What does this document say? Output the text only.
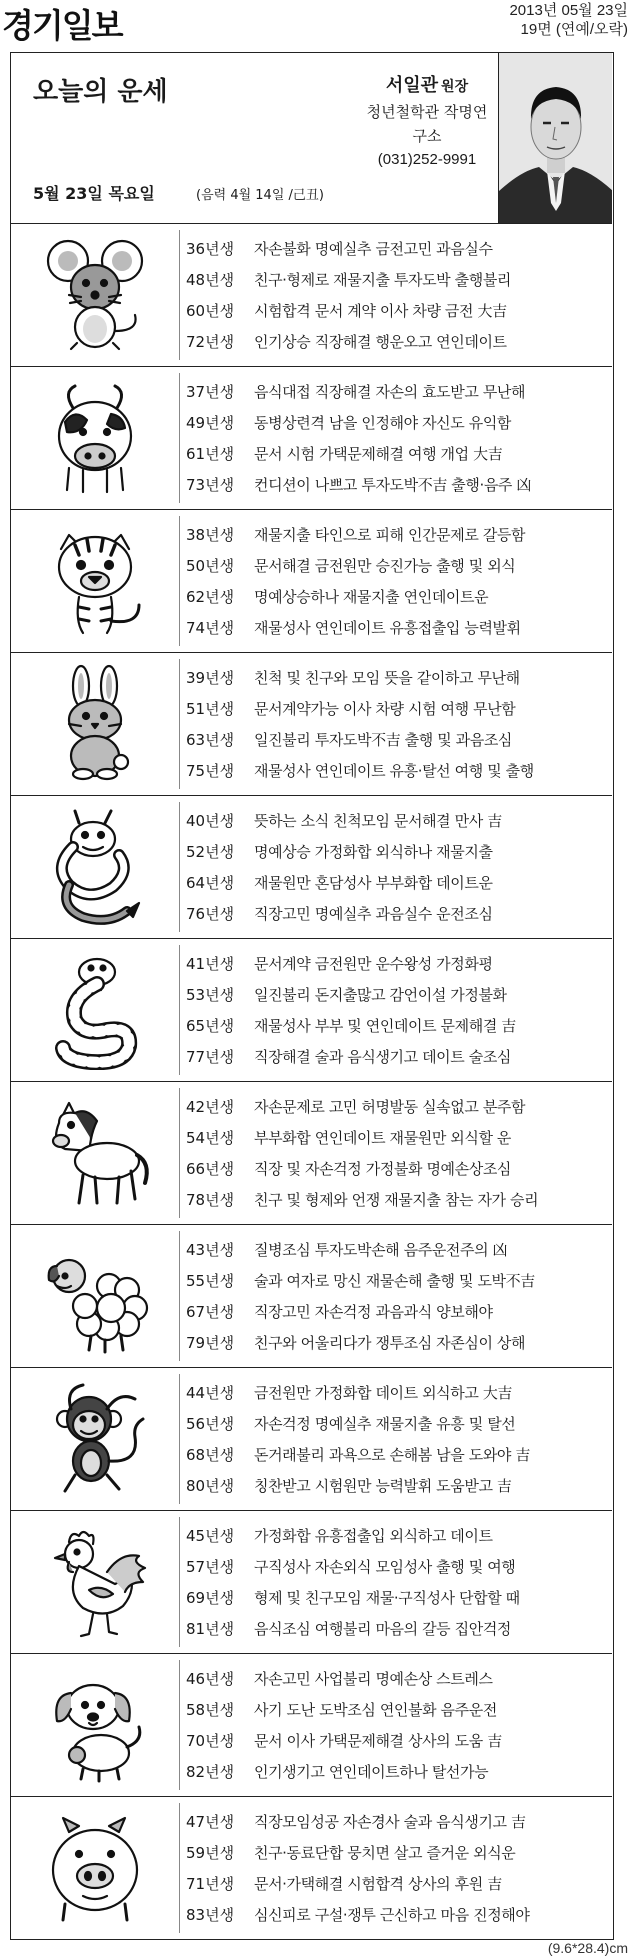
경기일보	2013년 05월 23일
19면 (연예/오락)
오늘의 운세	서일관 원장
청년철학관 작명연구소
(031)252-9991
5월 23일 목요일	(음력 4월 14일 /己丑)
36년생 자손불화 명예실추 금전고민 과음실수
48년생 친구·형제로 재물지출 투자도박 출행불리
60년생 시험합격 문서 계약 이사 차량 금전 大吉
72년생 인기상승 직장해결 행운오고 연인데이트
37년생 음식대접 직장해결 자손의 효도받고 무난해
49년생 동병상련격 남을 인정해야 자신도 유익함
61년생 문서 시험 가택문제해결 여행 개업 大吉
73년생 컨디션이 나쁘고 투자도박不吉 출행·음주 凶
38년생 재물지출 타인으로 피해 인간문제로 갈등함
50년생 문서해결 금전원만 승진가능 출행 및 외식
62년생 명예상승하나 재물지출 연인데이트운
74년생 재물성사 연인데이트 유흥접출입 능력발휘
39년생 친척 및 친구와 모임 뜻을 같이하고 무난해
51년생 문서계약가능 이사 차량 시험 여행 무난함
63년생 일진불리 투자도박不吉 출행 및 과음조심
75년생 재물성사 연인데이트 유흥·탈선 여행 및 출행
40년생 뜻하는 소식 친척모임 문서해결 만사 吉
52년생 명예상승 가정화합 외식하나 재물지출
64년생 재물원만 혼담성사 부부화합 데이트운
76년생 직장고민 명예실추 과음실수 운전조심
41년생 문서계약 금전원만 운수왕성 가정화평
53년생 일진불리 돈지출많고 감언이설 가정불화
65년생 재물성사 부부 및 연인데이트 문제해결 吉
77년생 직장해결 술과 음식생기고 데이트 술조심
42년생 자손문제로 고민 허명발동 실속없고 분주함
54년생 부부화합 연인데이트 재물원만 외식할 운
66년생 직장 및 자손걱정 가정불화 명예손상조심
78년생 친구 및 형제와 언쟁 재물지출 참는 자가 승리
43년생 질병조심 투자도박손해 음주운전주의 凶
55년생 술과 여자로 망신 재물손해 출행 및 도박不吉
67년생 직장고민 자손걱정 과음과식 양보해야
79년생 친구와 어울리다가 쟁투조심 자존심이 상해
44년생 금전원만 가정화합 데이트 외식하고 大吉
56년생 자손걱정 명예실추 재물지출 유흥 및 탈선
68년생 돈거래불리 과욕으로 손해봄 남을 도와야 吉
80년생 칭찬받고 시험원만 능력발휘 도움받고 吉
45년생 가정화합 유흥접출입 외식하고 데이트
57년생 구직성사 자손외식 모임성사 출행 및 여행
69년생 형제 및 친구모임 재물·구직성사 단합할 때
81년생 음식조심 여행불리 마음의 갈등 집안걱정
46년생 자손고민 사업불리 명예손상 스트레스
58년생 사기 도난 도박조심 연인불화 음주운전
70년생 문서 이사 가택문제해결 상사의 도움 吉
82년생 인기생기고 연인데이트하나 탈선가능
47년생 직장모임성공 자손경사 술과 음식생기고 吉
59년생 친구·동료단합 뭉치면 살고 즐거운 외식운
71년생 문서·가택해결 시험합격 상사의 후원 吉
83년생 심신피로 구설·쟁투 근신하고 마음 진정해야
(9.6*28.4)cm
